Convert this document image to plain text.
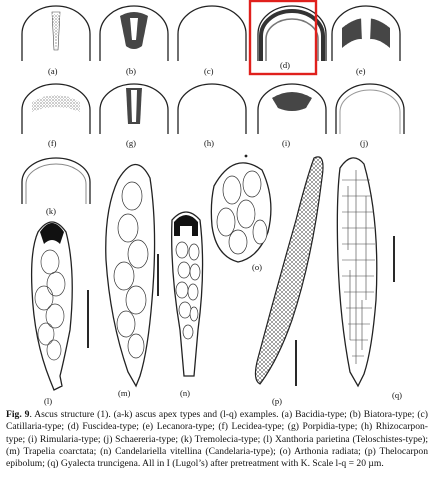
(a)	(b)	(c)
(d)
(e)
(f)	(g)	(h)	(i)	(j)
(k)
(l)
(m)	(n)
(o)
(p)
(q)
Fig. 9. Ascus structure (1). (a-k) ascus apex types and (l-q) examples. (a) Bacidia-type; (b) Biatora-type; (c) Catillaria-type; (d) Fuscidea-type; (e) Lecanora-type; (f) Lecidea-type; (g) Porpidia-type; (h) Rhizocarpon-type; (i) Rimularia-type; (j) Schaereria-type; (k) Tremolecia-type; (l) Xanthoria parietina (Teloschistes-type); (m) Trapelia coarctata; (n) Candelariella vitellina (Candelaria-type); (o) Arthonia radiata; (p) Thelocarpon epibolum; (q) Gyalecta truncigena. All in I (Lugol’s) after pretreatment with K. Scale l-q = 20 µm.
